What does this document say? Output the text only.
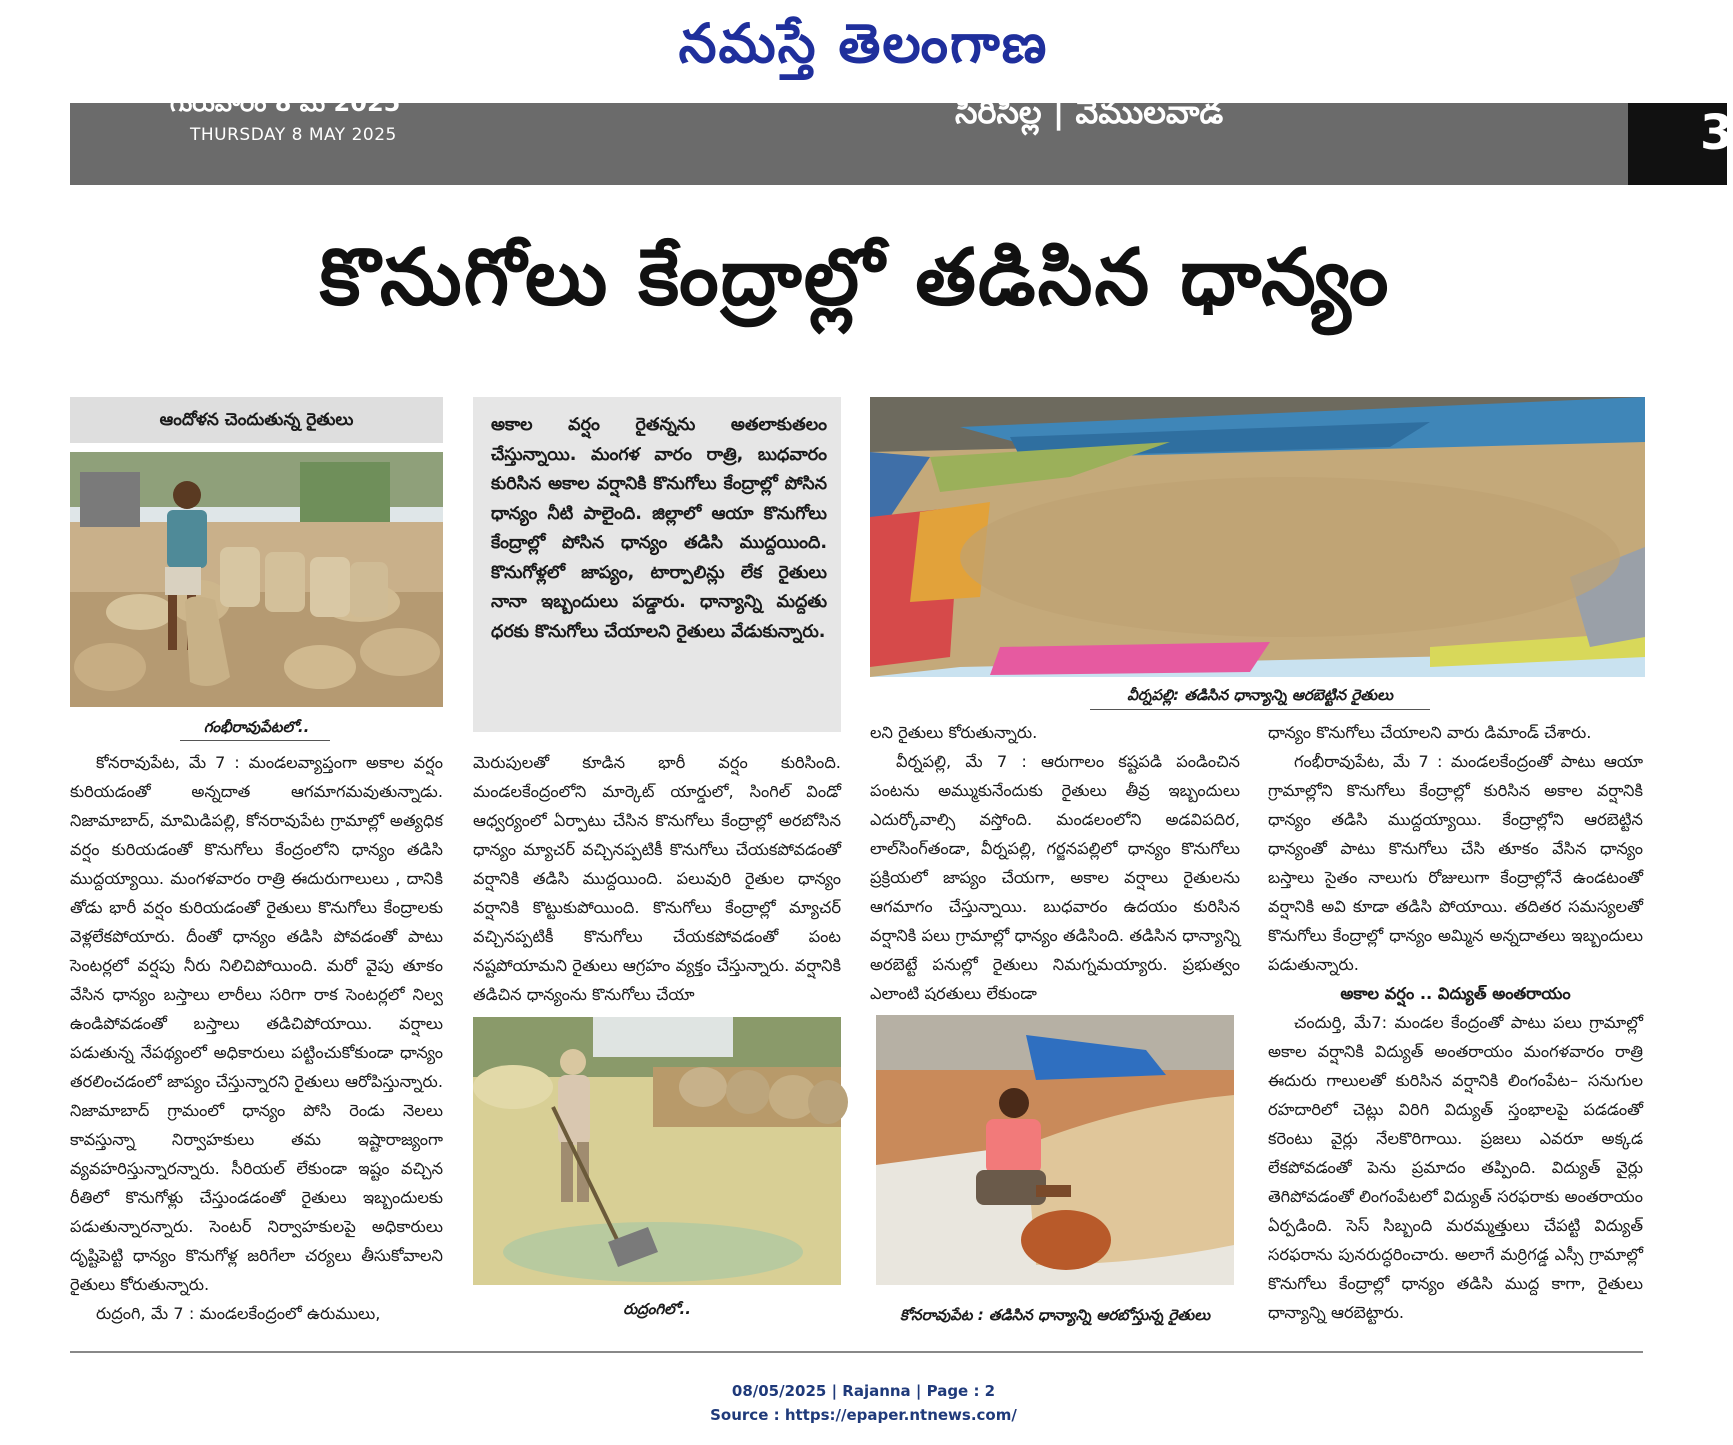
నమస్తే తెలంగాణ
3
గురువారం 8 మే 2025
THURSDAY 8 MAY 2025
సిరిసిల్ల | వేములవాడ
కొనుగోలు కేంద్రాల్లో తడిసిన ధాన్యం
ఆందోళన చెందుతున్న రైతులు	అకాల వర్షం రైతన్నను అతలాకుతలం చేస్తున్నాయి. మంగళ వారం రాత్రి, బుధవారం కురిసిన అకాల వర్షానికి కొనుగోలు కేంద్రాల్లో పోసిన ధాన్యం నీటి పాలైంది. జిల్లాలో ఆయా కొనుగోలు కేంద్రాల్లో పోసిన ధాన్యం తడిసి ముద్దయింది. కొనుగోళ్లలో జాప్యం, టార్పాలిన్లు లేక రైతులు నానా ఇబ్బందులు పడ్డారు. ధాన్యాన్ని మద్దతు ధరకు కొనుగోలు చేయాలని రైతులు వేడుకున్నారు.
గంభీరావుపేటలో..
వీర్నపల్లి: తడిసిన ధాన్యాన్ని ఆరబెట్టిన రైతులు

కోనరావుపేట, మే 7 : మండలవ్యాప్తంగా అకాల వర్షం కురియడంతో అన్నదాత ఆగమాగమవుతున్నాడు. నిజామాబాద్, మామిడిపల్లి, కోనరావుపేట గ్రామాల్లో అత్యధిక వర్షం కురియడంతో కొనుగోలు కేంద్రంలోని ధాన్యం తడిసి ముద్దయ్యాయి. మంగళవారం రాత్రి ఈదురుగాలులు , దానికి తోడు భారీ వర్షం కురియడంతో రైతులు కొనుగోలు కేంద్రాలకు వెళ్లలేకపోయారు. దీంతో ధాన్యం తడిసి పోవడంతో పాటు సెంటర్లలో వర్షపు నీరు నిలిచిపోయింది. మరో వైపు తూకం వేసిన ధాన్యం బస్తాలు లారీలు సరిగా రాక సెంటర్లలో నిల్వ ఉండిపోవడంతో బస్తాలు తడిచిపోయాయి. వర్షాలు పడుతున్న నేపథ్యంలో అధికారులు పట్టించుకోకుండా ధాన్యం తరలించడంలో జాప్యం చేస్తున్నారని రైతులు ఆరోపిస్తున్నారు. నిజామాబాద్ గ్రామంలో ధాన్యం పోసి రెండు నెలలు కావస్తున్నా నిర్వాహకులు తమ ఇష్టారాజ్యంగా వ్యవహరిస్తున్నారన్నారు. సీరియల్ లేకుండా ఇష్టం వచ్చిన రీతిలో కొనుగోళ్లు చేస్తుండడంతో రైతులు ఇబ్బందులకు పడుతున్నారన్నారు. సెంటర్ నిర్వాహకులపై అధికారులు దృష్టిపెట్టి ధాన్యం కొనుగోళ్ల జరిగేలా చర్యలు తీసుకోవాలని రైతులు కోరుతున్నారు.

రుద్రంగి, మే 7 : మండలకేంద్రంలో ఉరుములు,

మెరుపులతో కూడిన భారీ వర్షం కురిసింది. మండలకేంద్రంలోని మార్కెట్ యార్డులో, సింగిల్ విండో ఆధ్వర్యంలో ఏర్పాటు చేసిన కొనుగోలు కేంద్రాల్లో అరబోసిన ధాన్యం మ్యాచర్ వచ్చినప్పటికీ కొనుగోలు చేయకపోవడంతో వర్షానికి తడిసి ముద్దయింది. పలువురి రైతుల ధాన్యం వర్షానికి కొట్టుకుపోయింది. కొనుగోలు కేంద్రాల్లో మ్యాచర్ వచ్చినప్పటికీ కొనుగోలు చేయకపోవడంతో పంట నష్టపోయామని రైతులు ఆగ్రహం వ్యక్తం చేస్తున్నారు. వర్షానికి తడిచిన ధాన్యంను కొనుగోలు చేయా

రుద్రంగిలో..

లని రైతులు కోరుతున్నారు.

వీర్నపల్లి, మే 7 : ఆరుగాలం కష్టపడి పండించిన పంటను అమ్ముకునేందుకు రైతులు తీవ్ర ఇబ్బందులు ఎదుర్కోవాల్సి వస్తోంది. మండలంలోని అడవిపదిర, లాల్‌సింగ్‌తండా, వీర్నపల్లి, గర్జనపల్లిలో ధాన్యం కొనుగోలు ప్రక్రియలో జాప్యం చేయగా, అకాల వర్షాలు రైతులను ఆగమాగం చేస్తున్నాయి. బుధవారం ఉదయం కురిసిన వర్షానికి పలు గ్రామాల్లో ధాన్యం తడిసింది. తడిసిన ధాన్యాన్ని అరబెట్టే పనుల్లో రైతులు నిమగ్నమయ్యారు. ప్రభుత్వం ఎలాంటి షరతులు లేకుండా

కోనరావుపేట : తడిసిన ధాన్యాన్ని ఆరబోస్తున్న రైతులు

ధాన్యం కొనుగోలు చేయాలని వారు డిమాండ్ చేశారు.

గంభీరావుపేట, మే 7 : మండలకేంద్రంతో పాటు ఆయా గ్రామాల్లోని కొనుగోలు కేంద్రాల్లో కురిసిన అకాల వర్షానికి ధాన్యం తడిసి ముద్దయ్యాయి. కేంద్రాల్లోని ఆరబెట్టిన ధాన్యంతో పాటు కొనుగోలు చేసి తూకం వేసిన ధాన్యం బస్తాలు సైతం నాలుగు రోజులుగా కేంద్రాల్లోనే ఉండటంతో వర్షానికి అవి కూడా తడిసి పోయాయి. తదితర సమస్యలతో కొనుగోలు కేంద్రాల్లో ధాన్యం అమ్మిన అన్నదాతలు ఇబ్బందులు పడుతున్నారు.

అకాల వర్షం .. విద్యుత్ అంతరాయం

చందుర్తి, మే7: మండల కేంద్రంతో పాటు పలు గ్రామాల్లో అకాల వర్షానికి విద్యుత్ అంతరాయం మంగళవారం రాత్రి ఈదురు గాలులతో కురిసిన వర్షానికి లింగంపేట– సనుగుల రహదారిలో చెట్లు విరిగి విద్యుత్ స్తంభాలపై పడడంతో కరెంటు వైర్లు నేలకొరిగాయి. ప్రజలు ఎవరూ అక్కడ లేకపోవడంతో పెను ప్రమాదం తప్పింది. విద్యుత్ వైర్లు తెగిపోవడంతో లింగంపేటలో విద్యుత్ సరఫరాకు అంతరాయం ఏర్పడింది. సెస్ సిబ్బంది మరమ్మత్తులు చేపట్టి విద్యుత్ సరఫరాను పునరుద్ధరించారు. అలాగే మర్రిగడ్డ ఎస్సీ గ్రామాల్లో కొనుగోలు కేంద్రాల్లో ధాన్యం తడిసి ముద్ద కాగా, రైతులు ధాన్యాన్ని ఆరబెట్టారు.

08/05/2025 | Rajanna | Page : 2
Source : https://epaper.ntnews.com/
